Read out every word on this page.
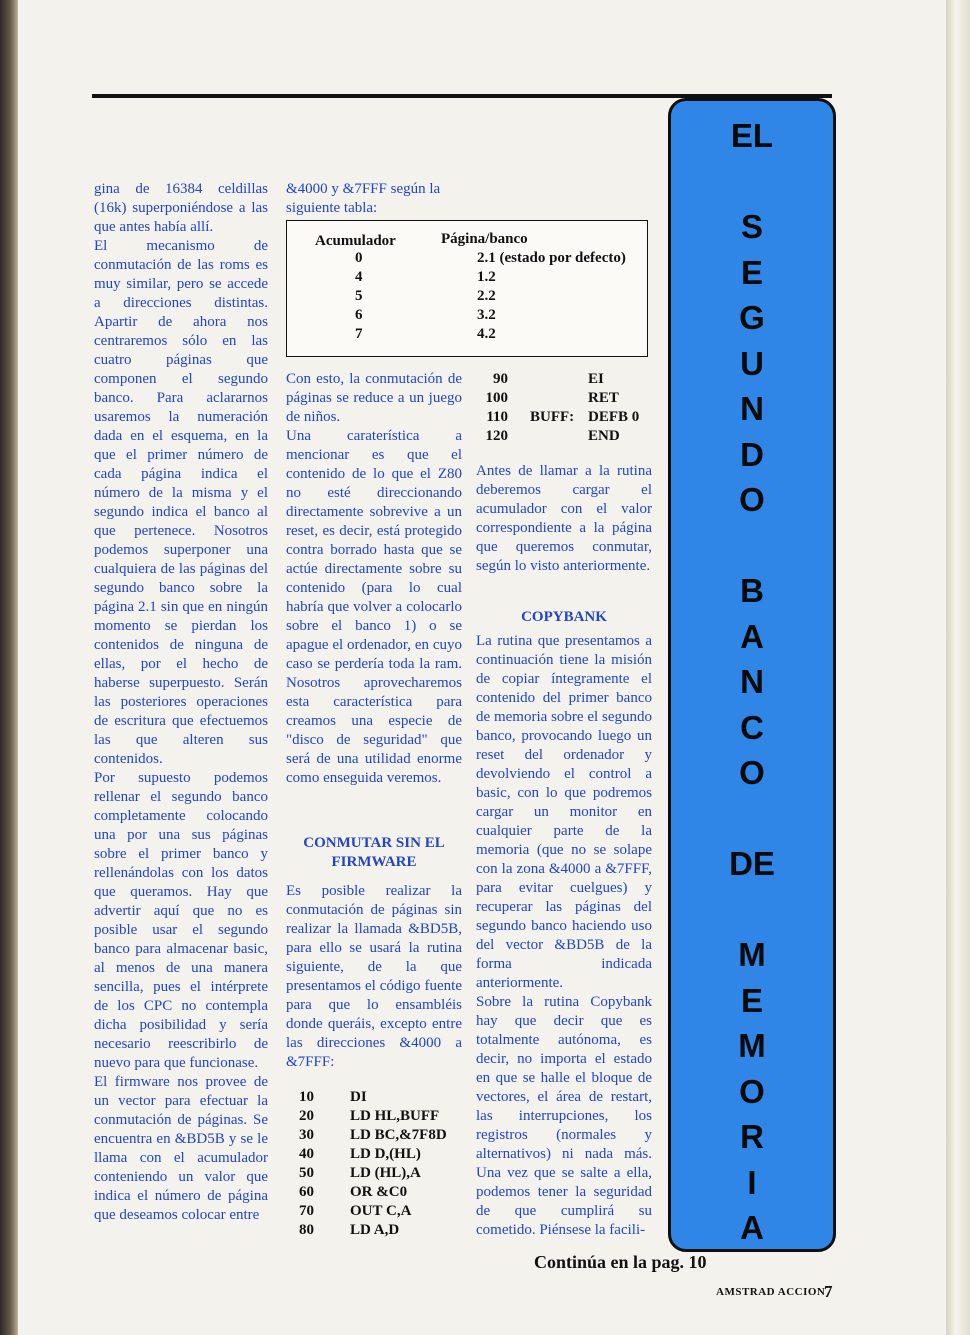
gina de 16384 celdillas (16k) superponiéndose a las que antes había allí.

El mecanismo de conmutación de las roms es muy similar, pero se accede a direcciones distintas. Apartir de ahora nos centraremos sólo en las cuatro páginas que componen el segundo banco. Para aclararnos usaremos la numeración dada en el esquema, en la que el primer número de cada página indica el número de la misma y el segundo indica el banco al que pertenece. Nosotros podemos superponer una cualquiera de las páginas del segundo banco sobre la página 2.1 sin que en ningún momento se pierdan los contenidos de ninguna de ellas, por el hecho de haberse superpuesto. Serán las posteriores operaciones de escritura que efectuemos las que alteren sus contenidos.

Por supuesto podemos rellenar el segundo banco completamente colocando una por una sus páginas sobre el primer banco y rellenándolas con los datos que queramos. Hay que advertir aquí que no es posible usar el segundo banco para almacenar basic, al menos de una manera sencilla, pues el intérprete de los CPC no contempla dicha posibilidad y sería necesario reescribirlo de nuevo para que funcionase.

El firmware nos provee de un vector para efectuar la conmutación de páginas. Se encuentra en &BD5B y se le llama con el acumulador conteniendo un valor que indica el número de página que deseamos colocar entre

&4000 y &7FFF según la siguiente tabla:

Acumulador	Página/banco
0	2.1 (estado por defecto)
4	1.2
5	2.2
6	3.2
7	4.2

Con esto, la conmutación de páginas se reduce a un juego de niños.

Una caraterística a mencionar es que el contenido de lo que el Z80 no esté direccionando directamente sobrevive a un reset, es decir, está protegido contra borrado hasta que se actúe directamente sobre su contenido (para lo cual habría que volver a colocarlo sobre el banco 1) o se apague el ordenador, en cuyo caso se perdería toda la ram. Nosotros aprovecharemos esta característica para creamos una especie de "disco de seguridad" que será de una utilidad enorme como enseguida veremos.

CONMUTAR SIN EL FIRMWARE

Es posible realizar la conmutación de páginas sin realizar la llamada &BD5B, para ello se usará la rutina siguiente, de la que presentamos el código fuente para que lo ensambléis donde queráis, excepto entre las direcciones &4000 a &7FFF:

10 DI
20 LD HL,BUFF
30 LD BC,&7F8D
40 LD D,(HL)
50 LD (HL),A
60 OR &C0
70 OUT C,A
80 LD A,D
90	EI
100	RET
110 BUFF: DEFB 0
120	END

Antes de llamar a la rutina deberemos cargar el acumulador con el valor correspondiente a la página que queremos conmutar, según lo visto anteriormente.

COPYBANK

La rutina que presentamos a continuación tiene la misión de copiar íntegramente el contenido del primer banco de memoria sobre el segundo banco, provocando luego un reset del ordenador y devolviendo el control a basic, con lo que podremos cargar un monitor en cualquier parte de la memoria (que no se solape con la zona &4000 a &7FFF, para evitar cuelgues) y recuperar las páginas del segundo banco haciendo uso del vector &BD5B de la forma indicada anteriormente.

Sobre la rutina Copybank hay que decir que es totalmente autónoma, es decir, no importa el estado en que se halle el bloque de vectores, el área de restart, las interrupciones, los registros (normales y alternativos) ni nada más. Una vez que se salte a ella, podemos tener la seguridad de que cumplirá su cometido. Piénsese la facili-

EL
S
E
G
U
N
D
O
B
A
N
C
O
DE
M
E
M
O
R
I
A
Continúa en la pag. 10
AMSTRAD ACCION
7
